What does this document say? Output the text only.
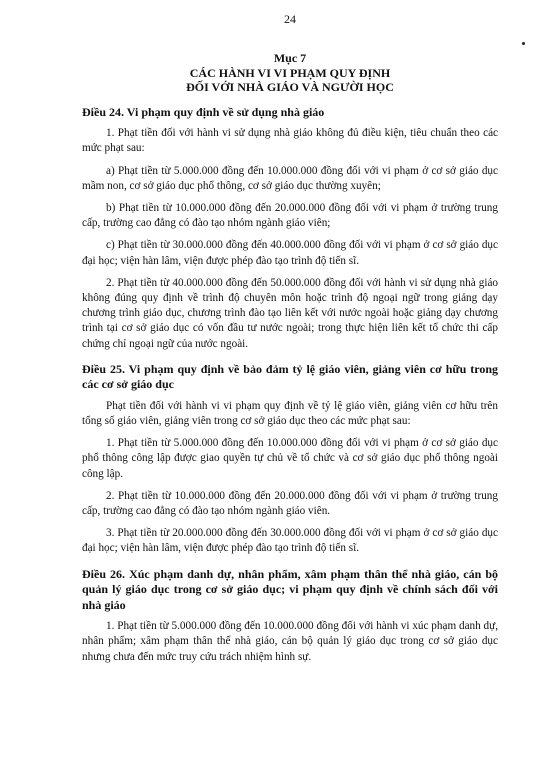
24
Mục 7
CÁC HÀNH VI VI PHẠM QUY ĐỊNH
ĐỐI VỚI NHÀ GIÁO VÀ NGƯỜI HỌC
Điều 24. Vi phạm quy định về sử dụng nhà giáo

1. Phạt tiền đối với hành vi sử dụng nhà giáo không đủ điều kiện, tiêu chuẩn theo các mức phạt sau:

a) Phạt tiền từ 5.000.000 đồng đến 10.000.000 đồng đối với vi phạm ở cơ sở giáo dục mầm non, cơ sở giáo dục phổ thông, cơ sở giáo dục thường xuyên;

b) Phạt tiền từ 10.000.000 đồng đến 20.000.000 đồng đối với vi phạm ở trường trung cấp, trường cao đẳng có đào tạo nhóm ngành giáo viên;

c) Phạt tiền từ 30.000.000 đồng đến 40.000.000 đồng đối với vi phạm ở cơ sở giáo dục đại học; viện hàn lâm, viện được phép đào tạo trình độ tiến sĩ.

2. Phạt tiền từ 40.000.000 đồng đến 50.000.000 đồng đối với hành vi sử dụng nhà giáo không đúng quy định về trình độ chuyên môn hoặc trình độ ngoại ngữ trong giảng dạy chương trình giáo dục, chương trình đào tạo liên kết với nước ngoài hoặc giảng dạy chương trình tại cơ sở giáo dục có vốn đầu tư nước ngoài; trong thực hiện liên kết tổ chức thi cấp chứng chỉ ngoại ngữ của nước ngoài.

Điều 25. Vi phạm quy định về bảo đảm tỷ lệ giáo viên, giảng viên cơ hữu trong các cơ sở giáo dục

Phạt tiền đối với hành vi vi phạm quy định về tỷ lệ giáo viên, giảng viên cơ hữu trên tổng số giáo viên, giảng viên trong cơ sở giáo dục theo các mức phạt sau:

1. Phạt tiền từ 5.000.000 đồng đến 10.000.000 đồng đối với vi phạm ở cơ sở giáo dục phổ thông công lập được giao quyền tự chủ về tổ chức và cơ sở giáo dục phổ thông ngoài công lập.

2. Phạt tiền từ 10.000.000 đồng đến 20.000.000 đồng đối với vi phạm ở trường trung cấp, trường cao đẳng có đào tạo nhóm ngành giáo viên.

3. Phạt tiền từ 20.000.000 đồng đến 30.000.000 đồng đối với vi phạm ở cơ sở giáo dục đại học; viện hàn lâm, viện được phép đào tạo trình độ tiến sĩ.

Điều 26. Xúc phạm danh dự, nhân phẩm, xâm phạm thân thể nhà giáo, cán bộ quản lý giáo dục trong cơ sở giáo dục; vi phạm quy định về chính sách đối với nhà giáo

1. Phạt tiền từ 5.000.000 đồng đến 10.000.000 đồng đối với hành vi xúc phạm danh dự, nhân phẩm; xâm phạm thân thể nhà giáo, cán bộ quản lý giáo dục trong cơ sở giáo dục nhưng chưa đến mức truy cứu trách nhiệm hình sự.
